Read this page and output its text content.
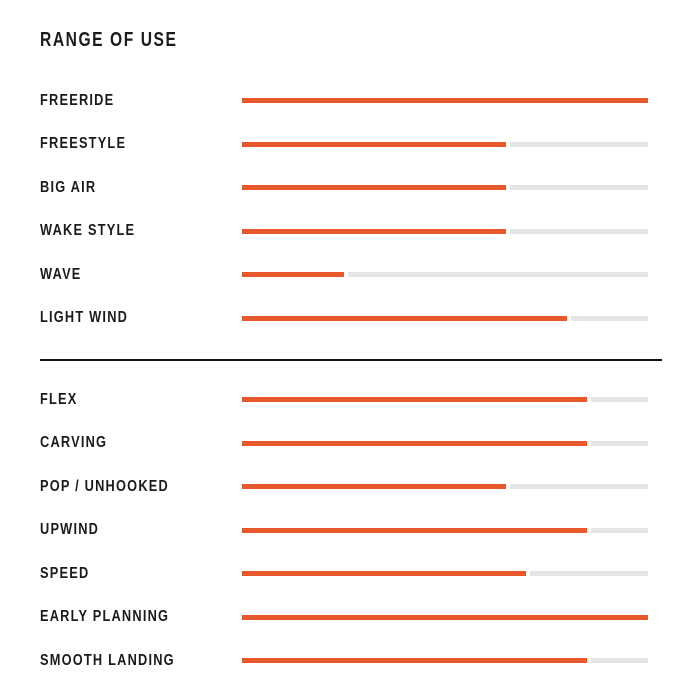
RANGE OF USE
FREERIDE
FREESTYLE
BIG AIR
WAKE STYLE
WAVE
LIGHT WIND
FLEX
CARVING
POP / UNHOOKED
UPWIND
SPEED
EARLY PLANNING
SMOOTH LANDING
